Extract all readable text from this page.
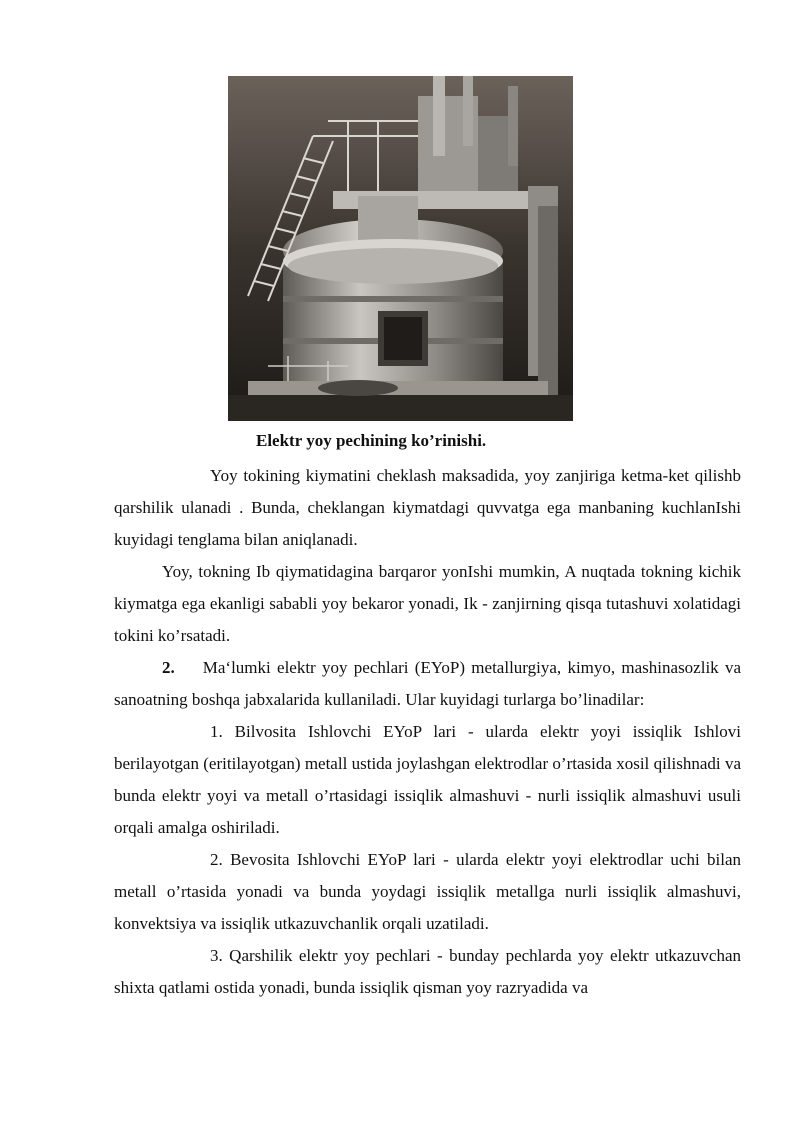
Elektr yoy pechining ko’rinishi.

Yoy tokining kiymatini cheklash maksadida, yoy zanjiriga ketma-ket qilishb qarshilik ulanadi . Bunda, cheklangan kiymatdagi quvvatga ega manbaning kuchlanIshi kuyidagi tenglama bilan aniqlanadi.

Yoy, tokning Ib qiymatidagina barqaror yonIshi mumkin, A nuqtada tokning kichik kiymatga ega ekanligi sababli yoy bekaror yonadi, Ik - zanjirning qisqa tutashuvi xolatidagi tokini ko’rsatadi.

2. Ma‘lumki elektr yoy pechlari (EYoP) metallurgiya, kimyo, mashinasozlik va sanoatning boshqa jabxalarida kullaniladi. Ular kuyidagi turlarga bo’linadilar:

1. Bilvosita Ishlovchi EYoP lari - ularda elektr yoyi issiqlik Ishlovi berilayotgan (eritilayotgan) metall ustida joylashgan elektrodlar o’rtasida xosil qilishnadi va bunda elektr yoyi va metall o’rtasidagi issiqlik almashuvi - nurli issiqlik almashuvi usuli orqali amalga oshiriladi.

2. Bevosita Ishlovchi EYoP lari - ularda elektr yoyi elektrodlar uchi bilan metall o’rtasida yonadi va bunda yoydagi issiqlik metallga nurli issiqlik almashuvi, konvektsiya va issiqlik utkazuvchanlik orqali uzatiladi.

3. Qarshilik elektr yoy pechlari - bunday pechlarda yoy elektr utkazuvchan shixta qatlami ostida yonadi, bunda issiqlik qisman yoy razryadida va
